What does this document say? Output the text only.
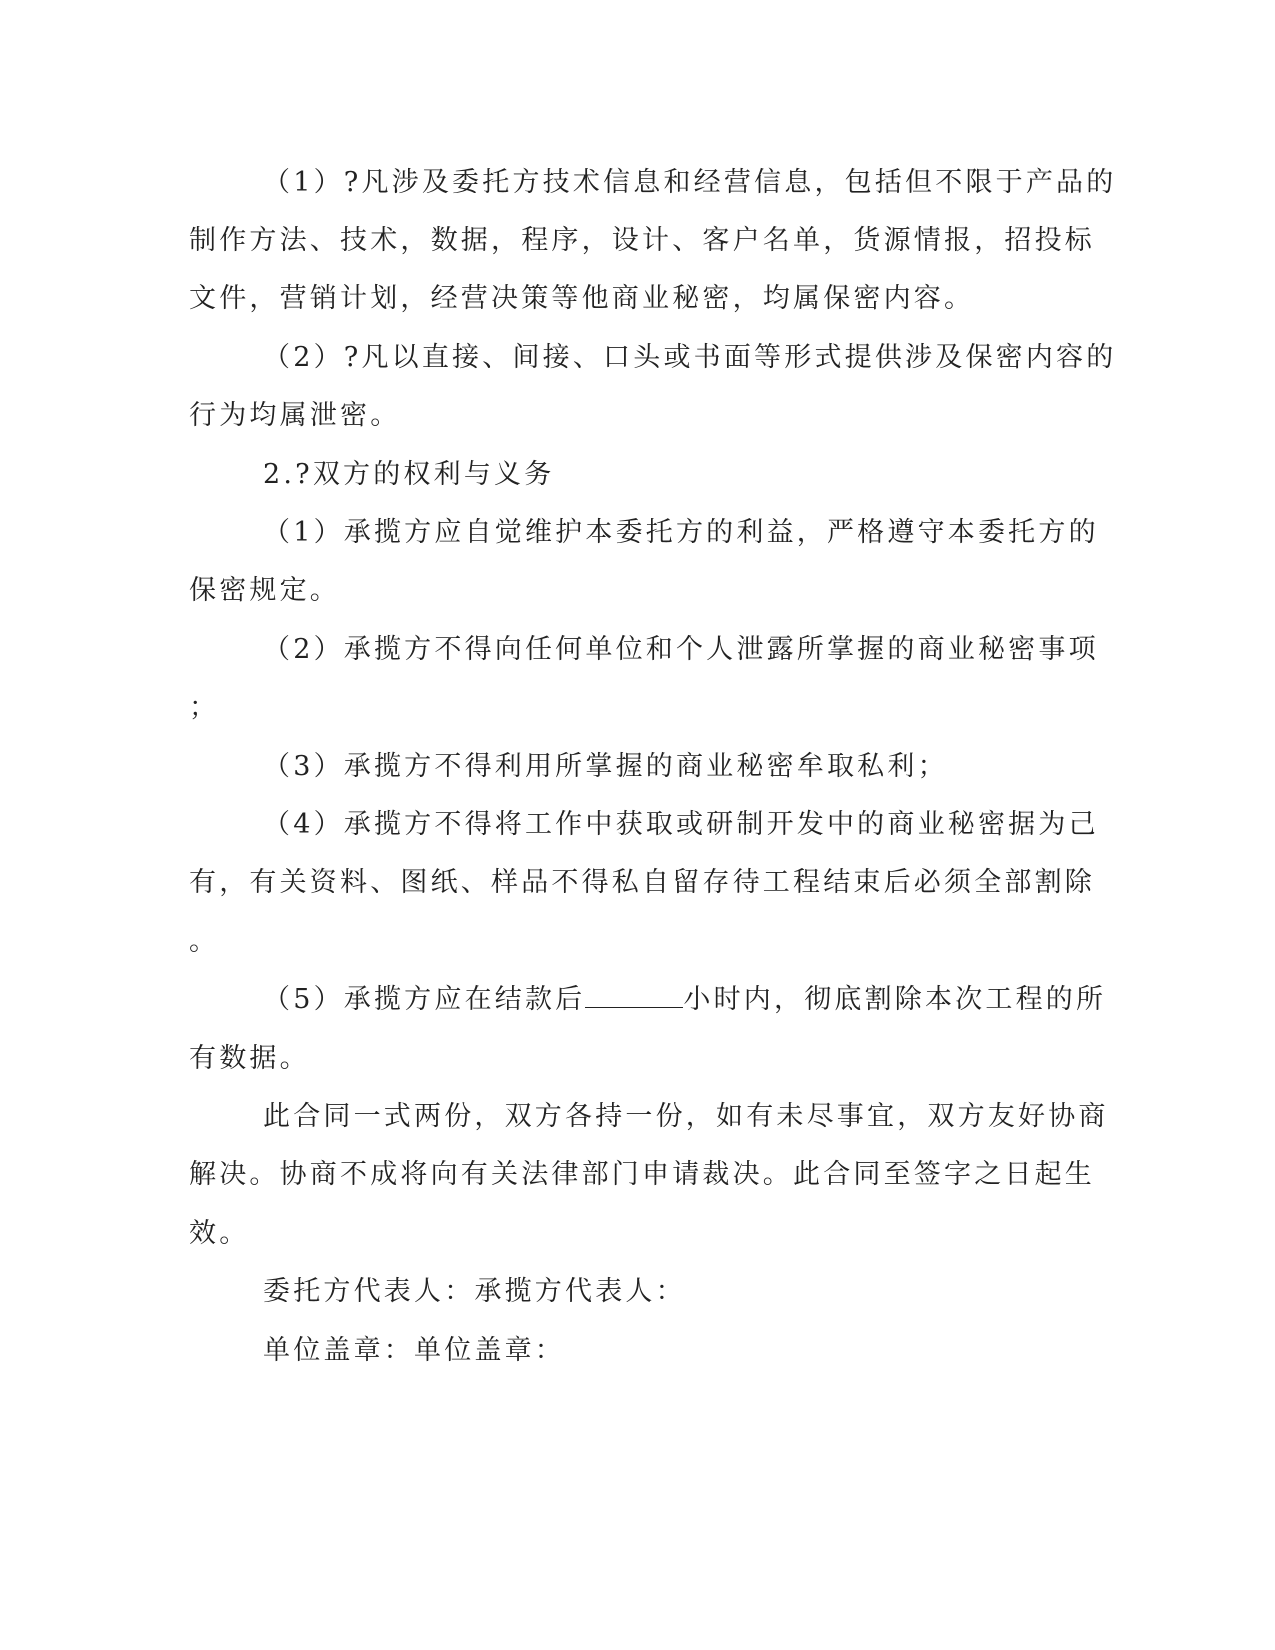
（1）?凡涉及委托方技术信息和经营信息，包括但不限于产品的
制作方法、技术，数据，程序，设计、客户名单，货源情报，招投标
文件，营销计划，经营决策等他商业秘密，均属保密内容。
（2）?凡以直接、间接、口头或书面等形式提供涉及保密内容的
行为均属泄密。
2.?双方的权利与义务
（1）承揽方应自觉维护本委托方的利益，严格遵守本委托方的
保密规定。
（2）承揽方不得向任何单位和个人泄露所掌握的商业秘密事项
；
（3）承揽方不得利用所掌握的商业秘密牟取私利；
（4）承揽方不得将工作中获取或研制开发中的商业秘密据为己
有，有关资料、图纸、样品不得私自留存待工程结束后必须全部割除
。
（5）承揽方应在结款后	小时内，彻底割除本次工程的所
有数据。
此合同一式两份，双方各持一份，如有未尽事宜，双方友好协商
解决。协商不成将向有关法律部门申请裁决。此合同至签字之日起生
效。
委托方代表人：承揽方代表人：
单位盖章：单位盖章：
